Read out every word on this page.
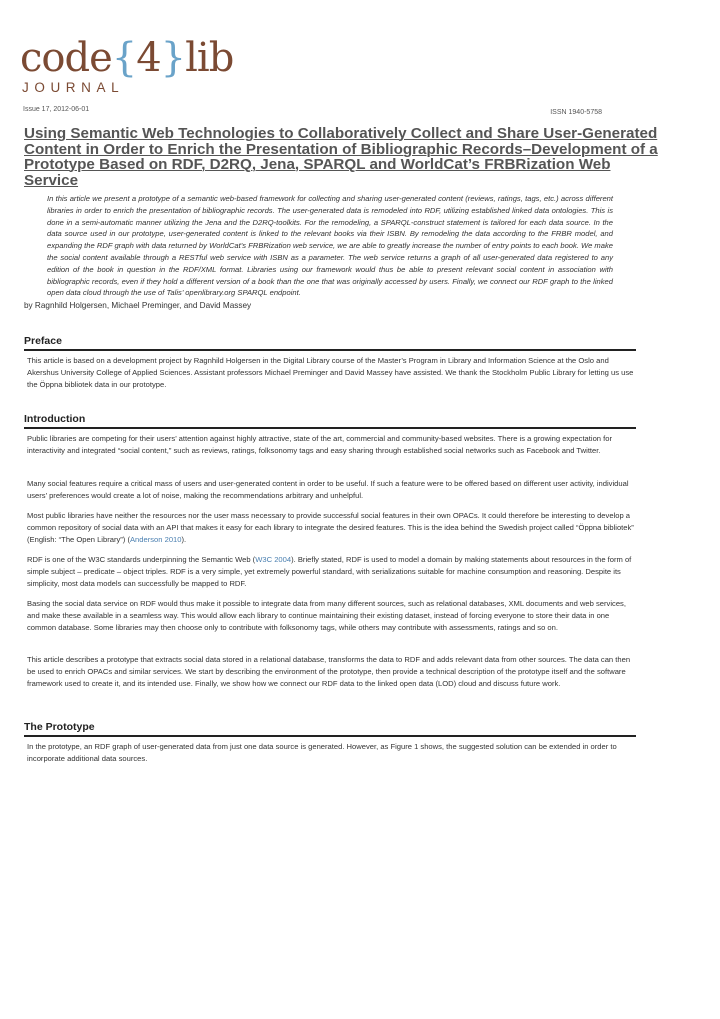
code{4}lib
JOURNAL
Issue 17, 2012-06-01	ISSN 1940-5758
Using Semantic Web Technologies to Collaboratively Collect and Share User-Generated Content in Order to Enrich the Presentation of Bibliographic Records–Development of a Prototype Based on RDF, D2RQ, Jena, SPARQL and WorldCat’s FRBRization Web Service
In this article we present a prototype of a semantic web-based framework for collecting and sharing user-generated content (reviews, ratings, tags, etc.) across different libraries in order to enrich the presentation of bibliographic records. The user-generated data is remodeled into RDF, utilizing established linked data ontologies. This is done in a semi-automatic manner utilizing the Jena and the D2RQ-toolkits. For the remodeling, a SPARQL-construct statement is tailored for each data source. In the data source used in our prototype, user-generated content is linked to the relevant books via their ISBN. By remodeling the data according to the FRBR model, and expanding the RDF graph with data returned by WorldCat’s FRBRization web service, we are able to greatly increase the number of entry points to each book. We make the social content available through a RESTful web service with ISBN as a parameter. The web service returns a graph of all user-generated data registered to any edition of the book in question in the RDF/XML format. Libraries using our framework would thus be able to present relevant social content in association with bibliographic records, even if they hold a different version of a book than the one that was originally accessed by users. Finally, we connect our RDF graph to the linked open data cloud through the use of Talis’ openlibrary.org SPARQL endpoint.
by Ragnhild Holgersen, Michael Preminger, and David Massey
Preface
This article is based on a development project by Ragnhild Holgersen in the Digital Library course of the Master’s Program in Library and Information Science at the Oslo and Akershus University College of Applied Sciences. Assistant professors Michael Preminger and David Massey have assisted. We thank the Stockholm Public Library for letting us use the Öppna bibliotek data in our prototype.
Introduction
Public libraries are competing for their users’ attention against highly attractive, state of the art, commercial and community-based websites. There is a growing expectation for interactivity and integrated “social content,” such as reviews, ratings, folksonomy tags and easy sharing through established social networks such as Facebook and Twitter.
Many social features require a critical mass of users and user-generated content in order to be useful. If such a feature were to be offered based on different user activity, individual users’ preferences would create a lot of noise, making the recommendations arbitrary and unhelpful.
Most public libraries have neither the resources nor the user mass necessary to provide successful social features in their own OPACs. It could therefore be interesting to develop a common repository of social data with an API that makes it easy for each library to integrate the desired features. This is the idea behind the Swedish project called “Öppna bibliotek” (English: “The Open Library”) (Anderson 2010).
RDF is one of the W3C standards underpinning the Semantic Web (W3C 2004). Briefly stated, RDF is used to model a domain by making statements about resources in the form of simple subject – predicate – object triples. RDF is a very simple, yet extremely powerful standard, with serializations suitable for machine consumption and reasoning. Despite its simplicity, most data models can successfully be mapped to RDF.
Basing the social data service on RDF would thus make it possible to integrate data from many different sources, such as relational databases, XML documents and web services, and make these available in a seamless way. This would allow each library to continue maintaining their existing dataset, instead of forcing everyone to store their data in one common database. Some libraries may then choose only to contribute with folksonomy tags, while others may contribute with assessments, ratings and so on.
This article describes a prototype that extracts social data stored in a relational database, transforms the data to RDF and adds relevant data from other sources. The data can then be used to enrich OPACs and similar services. We start by describing the environment of the prototype, then provide a technical description of the prototype itself and the software framework used to create it, and its intended use. Finally, we show how we connect our RDF data to the linked open data (LOD) cloud and discuss future work.
The Prototype
In the prototype, an RDF graph of user-generated data from just one data source is generated. However, as Figure 1 shows, the suggested solution can be extended in order to incorporate additional data sources.
